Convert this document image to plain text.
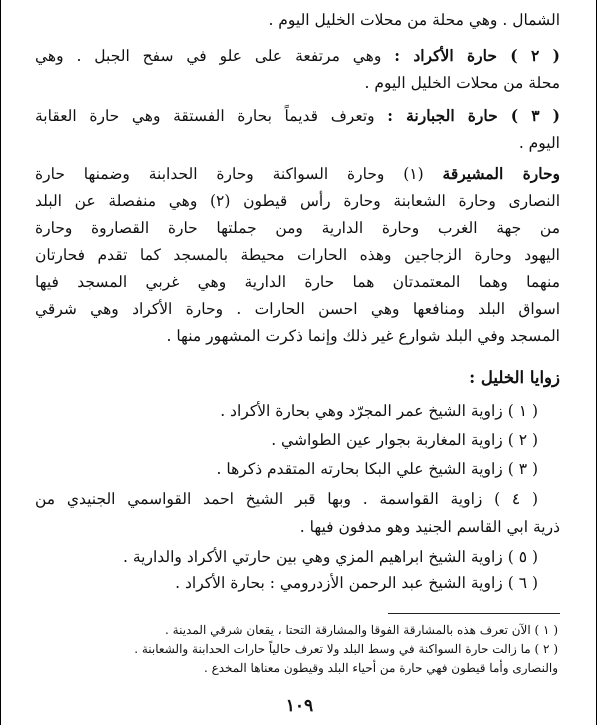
الشمال . وهي محلة من محلات الخليل اليوم .
( ٢ ) حارة الأكراد : وهي مرتفعة على علو في سفح الجبل . وهي
محلة من محلات الخليل اليوم .
( ٣ ) حارة الجبارنة : وتعرف قديماً بحارة الفستقة وهي حارة العقابة
اليوم .
وحارة المشيرقة (١) وحارة السواكنة وحارة الحدابنة وضمنها حارة
النصارى وحارة الشعابنة وحارة رأس قيطون (٢) وهي منفصلة عن البلد
من جهة الغرب وحارة الدارية ومن جملتها حارة القصاروة وحارة
اليهود وحارة الزجاجين وهذه الحارات محيطة بالمسجد كما تقدم فحارتان
منهما وهما المعتمدتان هما حارة الدارية وهي غربي المسجد فيها
اسواق البلد ومنافعها وهي احسن الحارات . وحارة الأكراد وهي شرقي
المسجد وفي البلد شوارع غير ذلك وإنما ذكرت المشهور منها .
زوايا الخليل :
( ١ ) زاوية الشيخ عمر المجرّد وهي بحارة الأكراد .
( ٢ ) زاوية المغاربة بجوار عين الطواشي .
( ٣ ) زاوية الشيخ علي البكا بحارته المتقدم ذكرها .
( ٤ ) زاوية القواسمة . وبها قبر الشيخ احمد القواسمي الجنيدي من
ذرية ابي القاسم الجنيد وهو مدفون فيها .
( ٥ ) زاوية الشيخ ابراهيم المزي وهي بين حارتي الأكراد والدارية .
( ٦ ) زاوية الشيخ عبد الرحمن الأزدرومي : بحارة الأكراد .
( ١ ) الآن تعرف هذه بالمشارقة الفوقا والمشارقة التحتا ، يقعان شرقي المدينة .
( ٢ ) ما زالت حارة السواكنة في وسط البلد ولا تعرف حالياً حارات الحدابنة والشعابنة .
والنصارى وأما قيطون فهي حارة من أحياء البلد وقيطون معناها المخدع .
١٠٩
